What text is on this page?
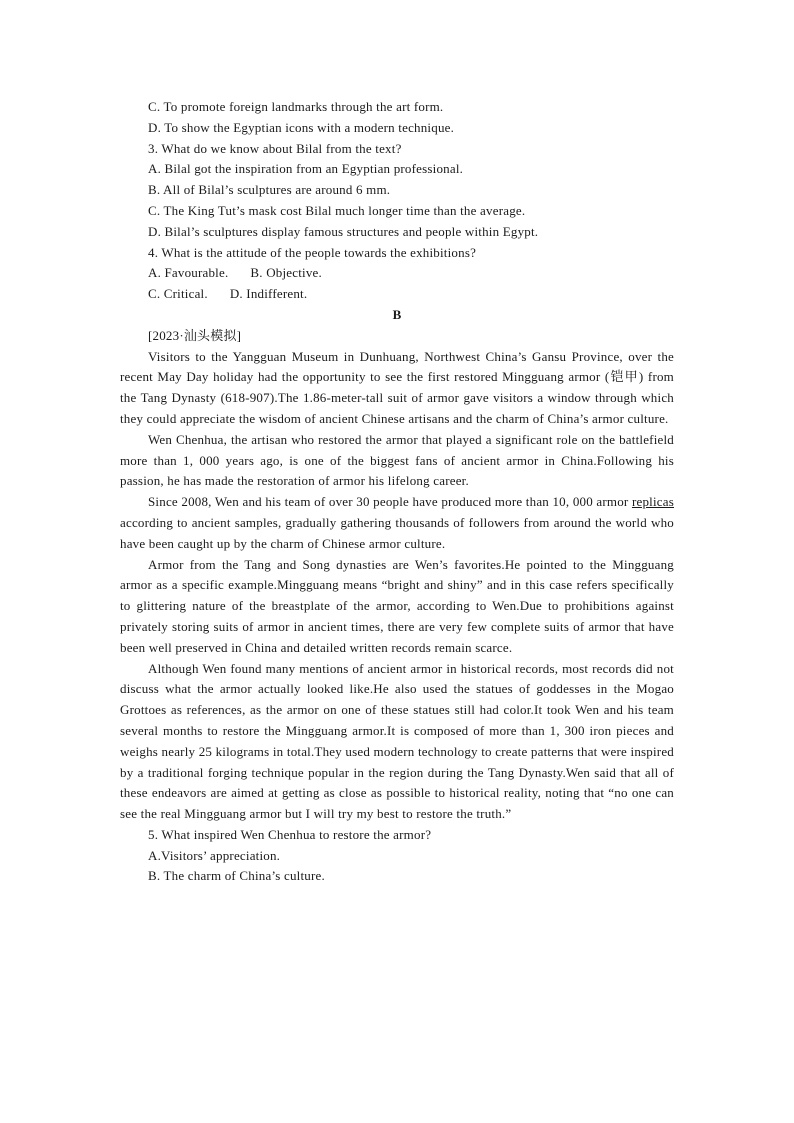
C. To promote foreign landmarks through the art form.
D. To show the Egyptian icons with a modern technique.
3. What do we know about Bilal from the text?
A. Bilal got the inspiration from an Egyptian professional.
B. All of Bilal’s sculptures are around 6 mm.
C. The King Tut’s mask cost Bilal much longer time than the average.
D. Bilal’s sculptures display famous structures and people within Egypt.
4. What is the attitude of the people towards the exhibitions?
A. Favourable. B. Objective.
C. Critical. D. Indifferent.
B
[2023·汕头模拟]
Visitors to the Yangguan Museum in Dunhuang, Northwest China’s Gansu Province, over the recent May Day holiday had the opportunity to see the first restored Mingguang armor (铠甲) from the Tang Dynasty (618-907).The 1.86-meter-tall suit of armor gave visitors a window through which they could appreciate the wisdom of ancient Chinese artisans and the charm of China’s armor culture.
Wen Chenhua, the artisan who restored the armor that played a significant role on the battlefield more than 1, 000 years ago, is one of the biggest fans of ancient armor in China.Following his passion, he has made the restoration of armor his lifelong career.
Since 2008, Wen and his team of over 30 people have produced more than 10, 000 armor replicas according to ancient samples, gradually gathering thousands of followers from around the world who have been caught up by the charm of Chinese armor culture.
Armor from the Tang and Song dynasties are Wen’s favorites.He pointed to the Mingguang armor as a specific example.Mingguang means “bright and shiny” and in this case refers specifically to glittering nature of the breastplate of the armor, according to Wen.Due to prohibitions against privately storing suits of armor in ancient times, there are very few complete suits of armor that have been well preserved in China and detailed written records remain scarce.
Although Wen found many mentions of ancient armor in historical records, most records did not discuss what the armor actually looked like.He also used the statues of goddesses in the Mogao Grottoes as references, as the armor on one of these statues still had color.It took Wen and his team several months to restore the Mingguang armor.It is composed of more than 1, 300 iron pieces and weighs nearly 25 kilograms in total.They used modern technology to create patterns that were inspired by a traditional forging technique popular in the region during the Tang Dynasty.Wen said that all of these endeavors are aimed at getting as close as possible to historical reality, noting that “no one can see the real Mingguang armor but I will try my best to restore the truth.”
5. What inspired Wen Chenhua to restore the armor?
A.Visitors’ appreciation.
B. The charm of China’s culture.
